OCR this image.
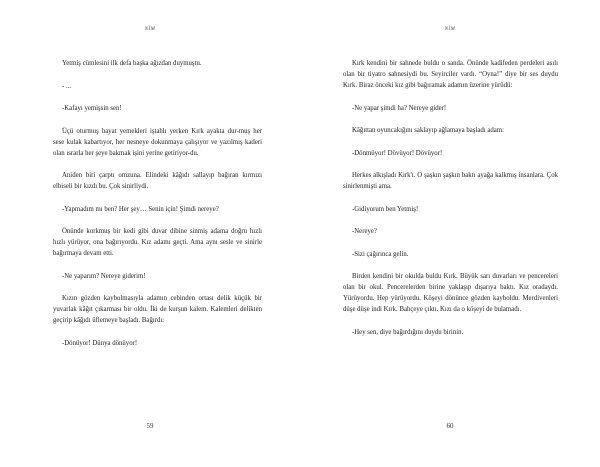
NİM

Yetmiş cümlesini ilk defa başka ağızdan duymuştu.

- ...

-Kafayı yemişsin sen!

Üçü oturmuş bayat yemekleri iştahlı yerken Kırk ayakta dur-muş her sese kulak kabartıyor, her nesneye dokunmaya çalışıyor ve yazılmış kaderi olan ısrarla her şeye bakmak işini yerine getiriyor-du.

Aniden biri çarptı omzuna. Elindeki kâğıdı sallayıp bağıran kırmızı elbiseli bir kızdı bu. Çok sinirliydi.

-Yapmadım mı ben? Her şey… Senin için! Şimdi nereye?

Önünde korkmuş bir kedi gibi duvar dibine sinmiş adama doğru hızlı hızlı yürüyor, ona bağırıyordu. Kız adamı geçti. Ama aynı sesle ve sinirle bağırmaya devam etti.

-Ne yaparım? Nereye giderim!

Kızın gözden kaybolmasıyla adamın cebinden ortası delik küçük bir yuvarlak kâğıt çıkarması bir oldu. İki de kurşun kalem. Kalemleri delikten geçirip kâğıdı üflemeye başladı. Bağırdı:

-Dönüyor! Dünya dönüyor!

59
NİM

Kırk kendini bir sahnede buldu o sanda. Önünde kadifeden perdeleri asılı olan bir tiyatro sahnesiydi bu. Seyirciler vardı. “Oyna!” diye bir ses duydu Kırk. Biraz önceki kız gibi bağıramak adamın üzerine yürüdü:

-Ne yapar şimdi ha? Nereye gider!

Kâğıttan oyuncakığını saklayıp ağlamaya başladı adam:

-Dönmüyor! Dövüyor! Dövüyor!

Herkes alkışladı Kırk'ı. O şaşkın şaşkın baktı ayağa kalkmış insanlara. Çok sinirlenmişti ama.

-Gidiyorum ben Yetmiş!

-Nereye?

-Sizi çağırınca gelin.

Birden kendini bir okulda buldu Kırk. Büyük sarı duvarları ve pencereleri olan bir okul. Pencerelerden birine yaklaşıp dışarıya baktı. Kız oradaydı. Yürüyordu. Hep yürüyordu. Köşeyi dönünce gözden kayboldu. Merdivenleri düşe düşe indi Kırk. Bahçeye çıktı. Kızı da o köşeyi de bulamadı.

-Hey sen, diye bağırdığını duydu birinin.

60
